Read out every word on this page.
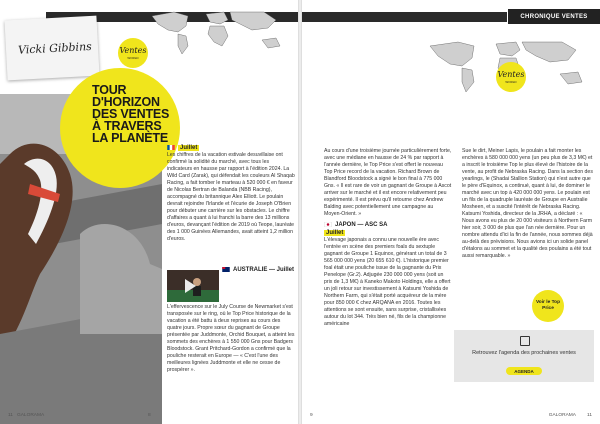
Vicki Gibbins	Ventes
WORLD
TOUR
D'HORIZON
DES VENTES
À TRAVERS
LA PLANÈTE
Juillet

Les chiffres de la vacation estivale desuvillaise ont confirmé la solidité du marché, avec tous les indicateurs en hausse par rapport à l'édition 2024. La Wild Card (Zarak), qui défendait les couleurs Al Shaqab Racing, a fait tomber le marteau à 520 000 € en faveur de Nicolas Bertran de Balanda (NBB Racing), accompagné du britannique Alex Elliott. Le poulain devrait rejoindre l'Irlande et l'écurie de Joseph O'Brien pour débuter une carrière sur les obstacles. Le chiffre d'affaires a quant à lui franchi la barre des 13 millions d'euros, devançant l'édition de 2019 où Teope, lauréate des 1 000 Guinées Allemandes, avait atteint 1,2 million d'euros.

AUSTRALIE — Juillet

L'effervescence sur le July Course de Newmarket s'est transposée sur le ring, où le Top Price historique de la vacation a été battu à deux reprises au cours des quatre jours. Propre sœur du gagnant de Groupe présentée par Juddmonte, Orchid Bouquet, a atteint les sommets des enchères à 1 550 000 Gns pour Badgers Bloodstock. Grant Pritchard-Gordon a confirmé que la pouliche resterait en Europe — « C'est l'une des meilleures lignées Juddmonte et elle ne cesse de prospérer ».

11 GALORAMA	8
CHRONIQUE VENTES
Ventes
WORLD

Au cours d'une troisième journée particulièrement forte, avec une médiane en hausse de 24 % par rapport à l'année dernière, le Top Price s'est offert le nouveau Top Price record de la vacation. Richard Brown de Blandford Bloodstock a signé le bon final à 775 000 Gns. « Il est rare de voir un gagnant de Groupe à Ascot arriver sur le marché et il est encore relativement peu expérimenté. Il est prévu qu'il retourne chez Andrew Balding avec potentiellement une campagne au Moyen-Orient. »

JAPON — ASC SA
Juillet

L'élevage japonais a connu une nouvelle ère avec l'entrée en scène des premiers foals du sextuple gagnant de Groupe 1 Equinox, générant un total de 3 565 000 000 yens (20 655 610 €). L'historique premier foal était une pouliche issue de la gagnante du Prix Penelope (Gr.2). Adjugée 230 000 000 yens (soit un prix de 1,3 M€) à Kaneko Makoto Holdings, elle a offert un joli retour sur investissement à Katsumi Yoshida de Northern Farm, qui s'était porté acquéreur de la mère pour 850 000 € chez ARQANA en 2016. Toutes les attentions se sont ensuite, sans surprise, cristallisées autour du lot 344. Très bien né, fils de la championne américaine

Sue le dirt, Meiner Lapis, le poulain a fait monter les enchères à 580 000 000 yens (un peu plus de 3,3 M€) et a inscrit le troisième Top le plus élevé de l'histoire de la vente, au profit de Nebraska Racing. Dans la section des yearlings, le (Shadai Stallion Station) qui n'est autre que le père d'Equinox, a continué, quant à lui, de dominer le marché avec un top à 420 000 000 yens. Le poulain est un fils de la quadruple lauréate de Groupe en Australie Mosheen, et a suscité l'intérêt de Nebraska Racing. Katsumi Yoshida, directeur de la JRHA, a déclaré : « Nous avons eu plus de 20 000 visiteurs à Northern Farm hier soir, 3 000 de plus que l'an née dernière. Pour un nombre attendu d'ici la fin de l'année, nous sommes déjà au-delà des prévisions. Nous avions ici un solide panel d'étalons au sommet et la qualité des poulains a été tout aussi remarquable. »

Voir le Top Price
Retrouvez l'agenda des prochaines ventes
AGENDA
9	GALORAMA 11
